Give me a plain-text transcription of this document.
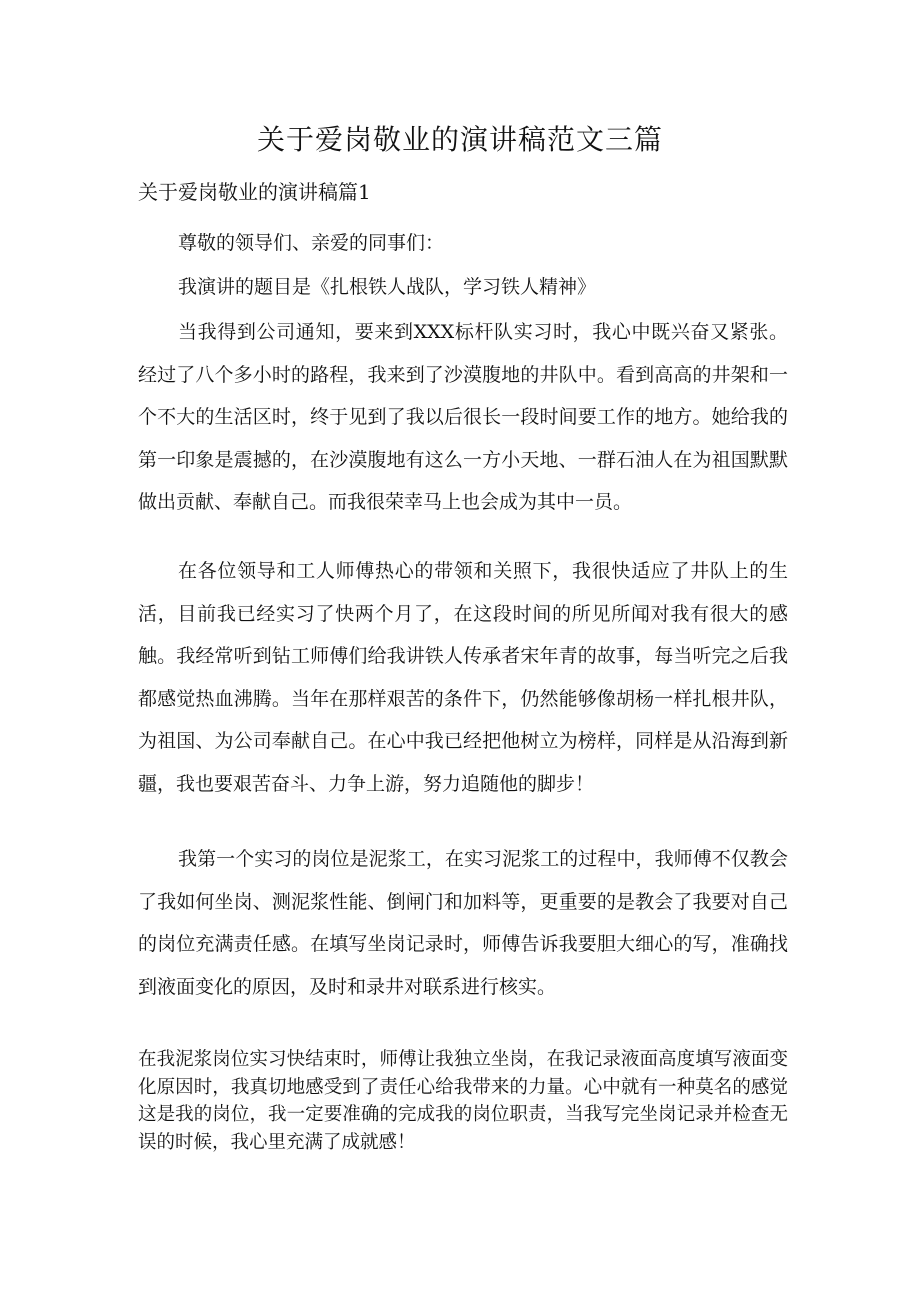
关于爱岗敬业的演讲稿范文三篇
关于爱岗敬业的演讲稿篇1

尊敬的领导们、亲爱的同事们：

我演讲的题目是《扎根铁人战队，学习铁人精神》

当我得到公司通知，要来到XXX标杆队实习时，我心中既兴奋又紧张。经过了八个多小时的路程，我来到了沙漠腹地的井队中。看到高高的井架和一个不大的生活区时，终于见到了我以后很长一段时间要工作的地方。她给我的第一印象是震撼的，在沙漠腹地有这么一方小天地、一群石油人在为祖国默默做出贡献、奉献自己。而我很荣幸马上也会成为其中一员。

在各位领导和工人师傅热心的带领和关照下，我很快适应了井队上的生活，目前我已经实习了快两个月了，在这段时间的所见所闻对我有很大的感触。我经常听到钻工师傅们给我讲铁人传承者宋年青的故事，每当听完之后我都感觉热血沸腾。当年在那样艰苦的条件下，仍然能够像胡杨一样扎根井队，为祖国、为公司奉献自己。在心中我已经把他树立为榜样，同样是从沿海到新疆，我也要艰苦奋斗、力争上游，努力追随他的脚步！

我第一个实习的岗位是泥浆工，在实习泥浆工的过程中，我师傅不仅教会了我如何坐岗、测泥浆性能、倒闸门和加料等，更重要的是教会了我要对自己的岗位充满责任感。在填写坐岗记录时，师傅告诉我要胆大细心的写，准确找到液面变化的原因，及时和录井对联系进行核实。

在我泥浆岗位实习快结束时，师傅让我独立坐岗，在我记录液面高度填写液面变化原因时，我真切地感受到了责任心给我带来的力量。心中就有一种莫名的感觉这是我的岗位，我一定要准确的完成我的岗位职责，当我写完坐岗记录并检查无误的时候，我心里充满了成就感！
